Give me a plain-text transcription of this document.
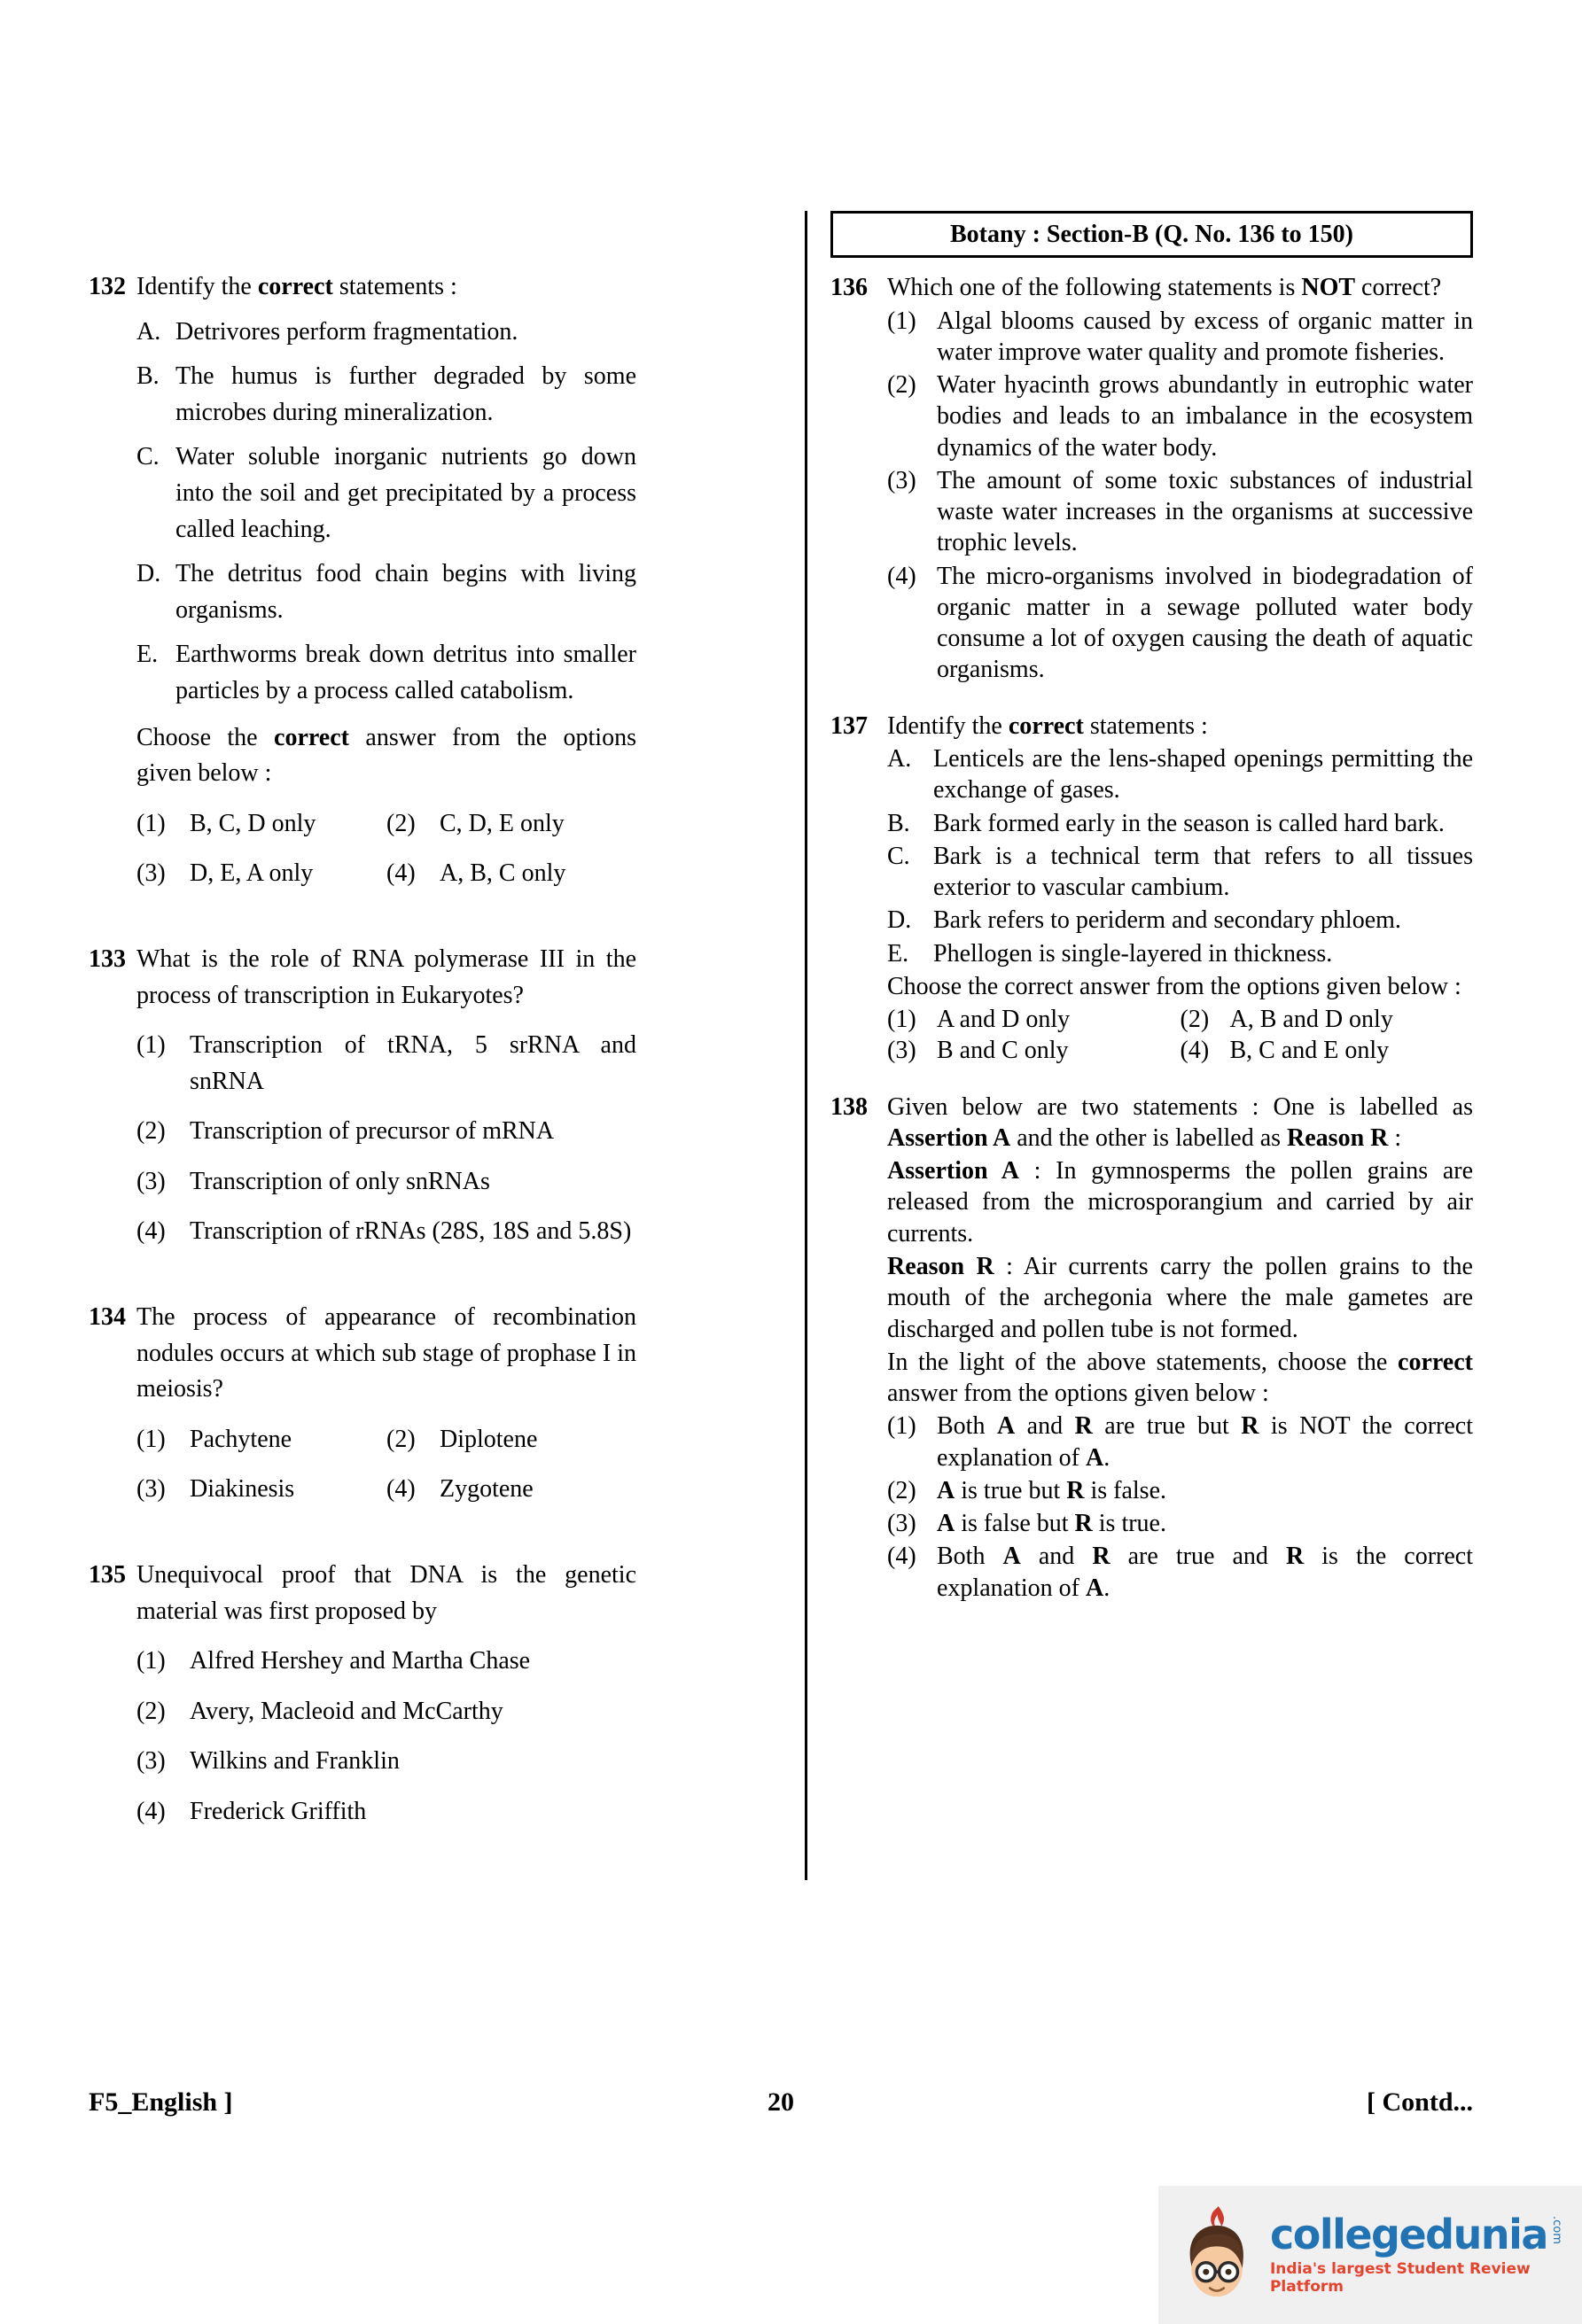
132 Identify the correct statements :
A. Detrivores perform fragmentation.
B. The humus is further degraded by some microbes during mineralization.
C. Water soluble inorganic nutrients go down into the soil and get precipitated by a process called leaching.
D. The detritus food chain begins with living organisms.
E. Earthworms break down detritus into smaller particles by a process called catabolism.
Choose the correct answer from the options given below :
(1) B, C, D only	(2) C, D, E only
(3) D, E, A only	(4) A, B, C only
133 What is the role of RNA polymerase III in the process of transcription in Eukaryotes?
(1) Transcription of tRNA, 5 srRNA and snRNA
(2) Transcription of precursor of mRNA
(3) Transcription of only snRNAs
(4) Transcription of rRNAs (28S, 18S and 5.8S)
134 The process of appearance of recombination nodules occurs at which sub stage of prophase I in meiosis?
(1) Pachytene	(2) Diplotene
(3) Diakinesis	(4) Zygotene
135 Unequivocal proof that DNA is the genetic material was first proposed by
(1) Alfred Hershey and Martha Chase
(2) Avery, Macleoid and McCarthy
(3) Wilkins and Franklin
(4) Frederick Griffith
Botany : Section-B (Q. No. 136 to 150)
136 Which one of the following statements is NOT correct?
(1) Algal blooms caused by excess of organic matter in water improve water quality and promote fisheries.
(2) Water hyacinth grows abundantly in eutrophic water bodies and leads to an imbalance in the ecosystem dynamics of the water body.
(3) The amount of some toxic substances of industrial waste water increases in the organisms at successive trophic levels.
(4) The micro-organisms involved in biodegradation of organic matter in a sewage polluted water body consume a lot of oxygen causing the death of aquatic organisms.
137 Identify the correct statements :
A. Lenticels are the lens-shaped openings permitting the exchange of gases.
B. Bark formed early in the season is called hard bark.
C. Bark is a technical term that refers to all tissues exterior to vascular cambium.
D. Bark refers to periderm and secondary phloem.
E. Phellogen is single-layered in thickness.
Choose the correct answer from the options given below :
(1) A and D only	(2) A, B and D only
(3) B and C only	(4) B, C and E only
138 Given below are two statements : One is labelled as Assertion A and the other is labelled as Reason R :
Assertion A : In gymnosperms the pollen grains are released from the microsporangium and carried by air currents.
Reason R : Air currents carry the pollen grains to the mouth of the archegonia where the male gametes are discharged and pollen tube is not formed.
In the light of the above statements, choose the correct answer from the options given below :
(1) Both A and R are true but R is NOT the correct explanation of A.
(2) A is true but R is false.
(3) A is false but R is true.
(4) Both A and R are true and R is the correct explanation of A.
F5_English ]	20	[ Contd...
collegedunia .com
India's largest Student Review Platform
